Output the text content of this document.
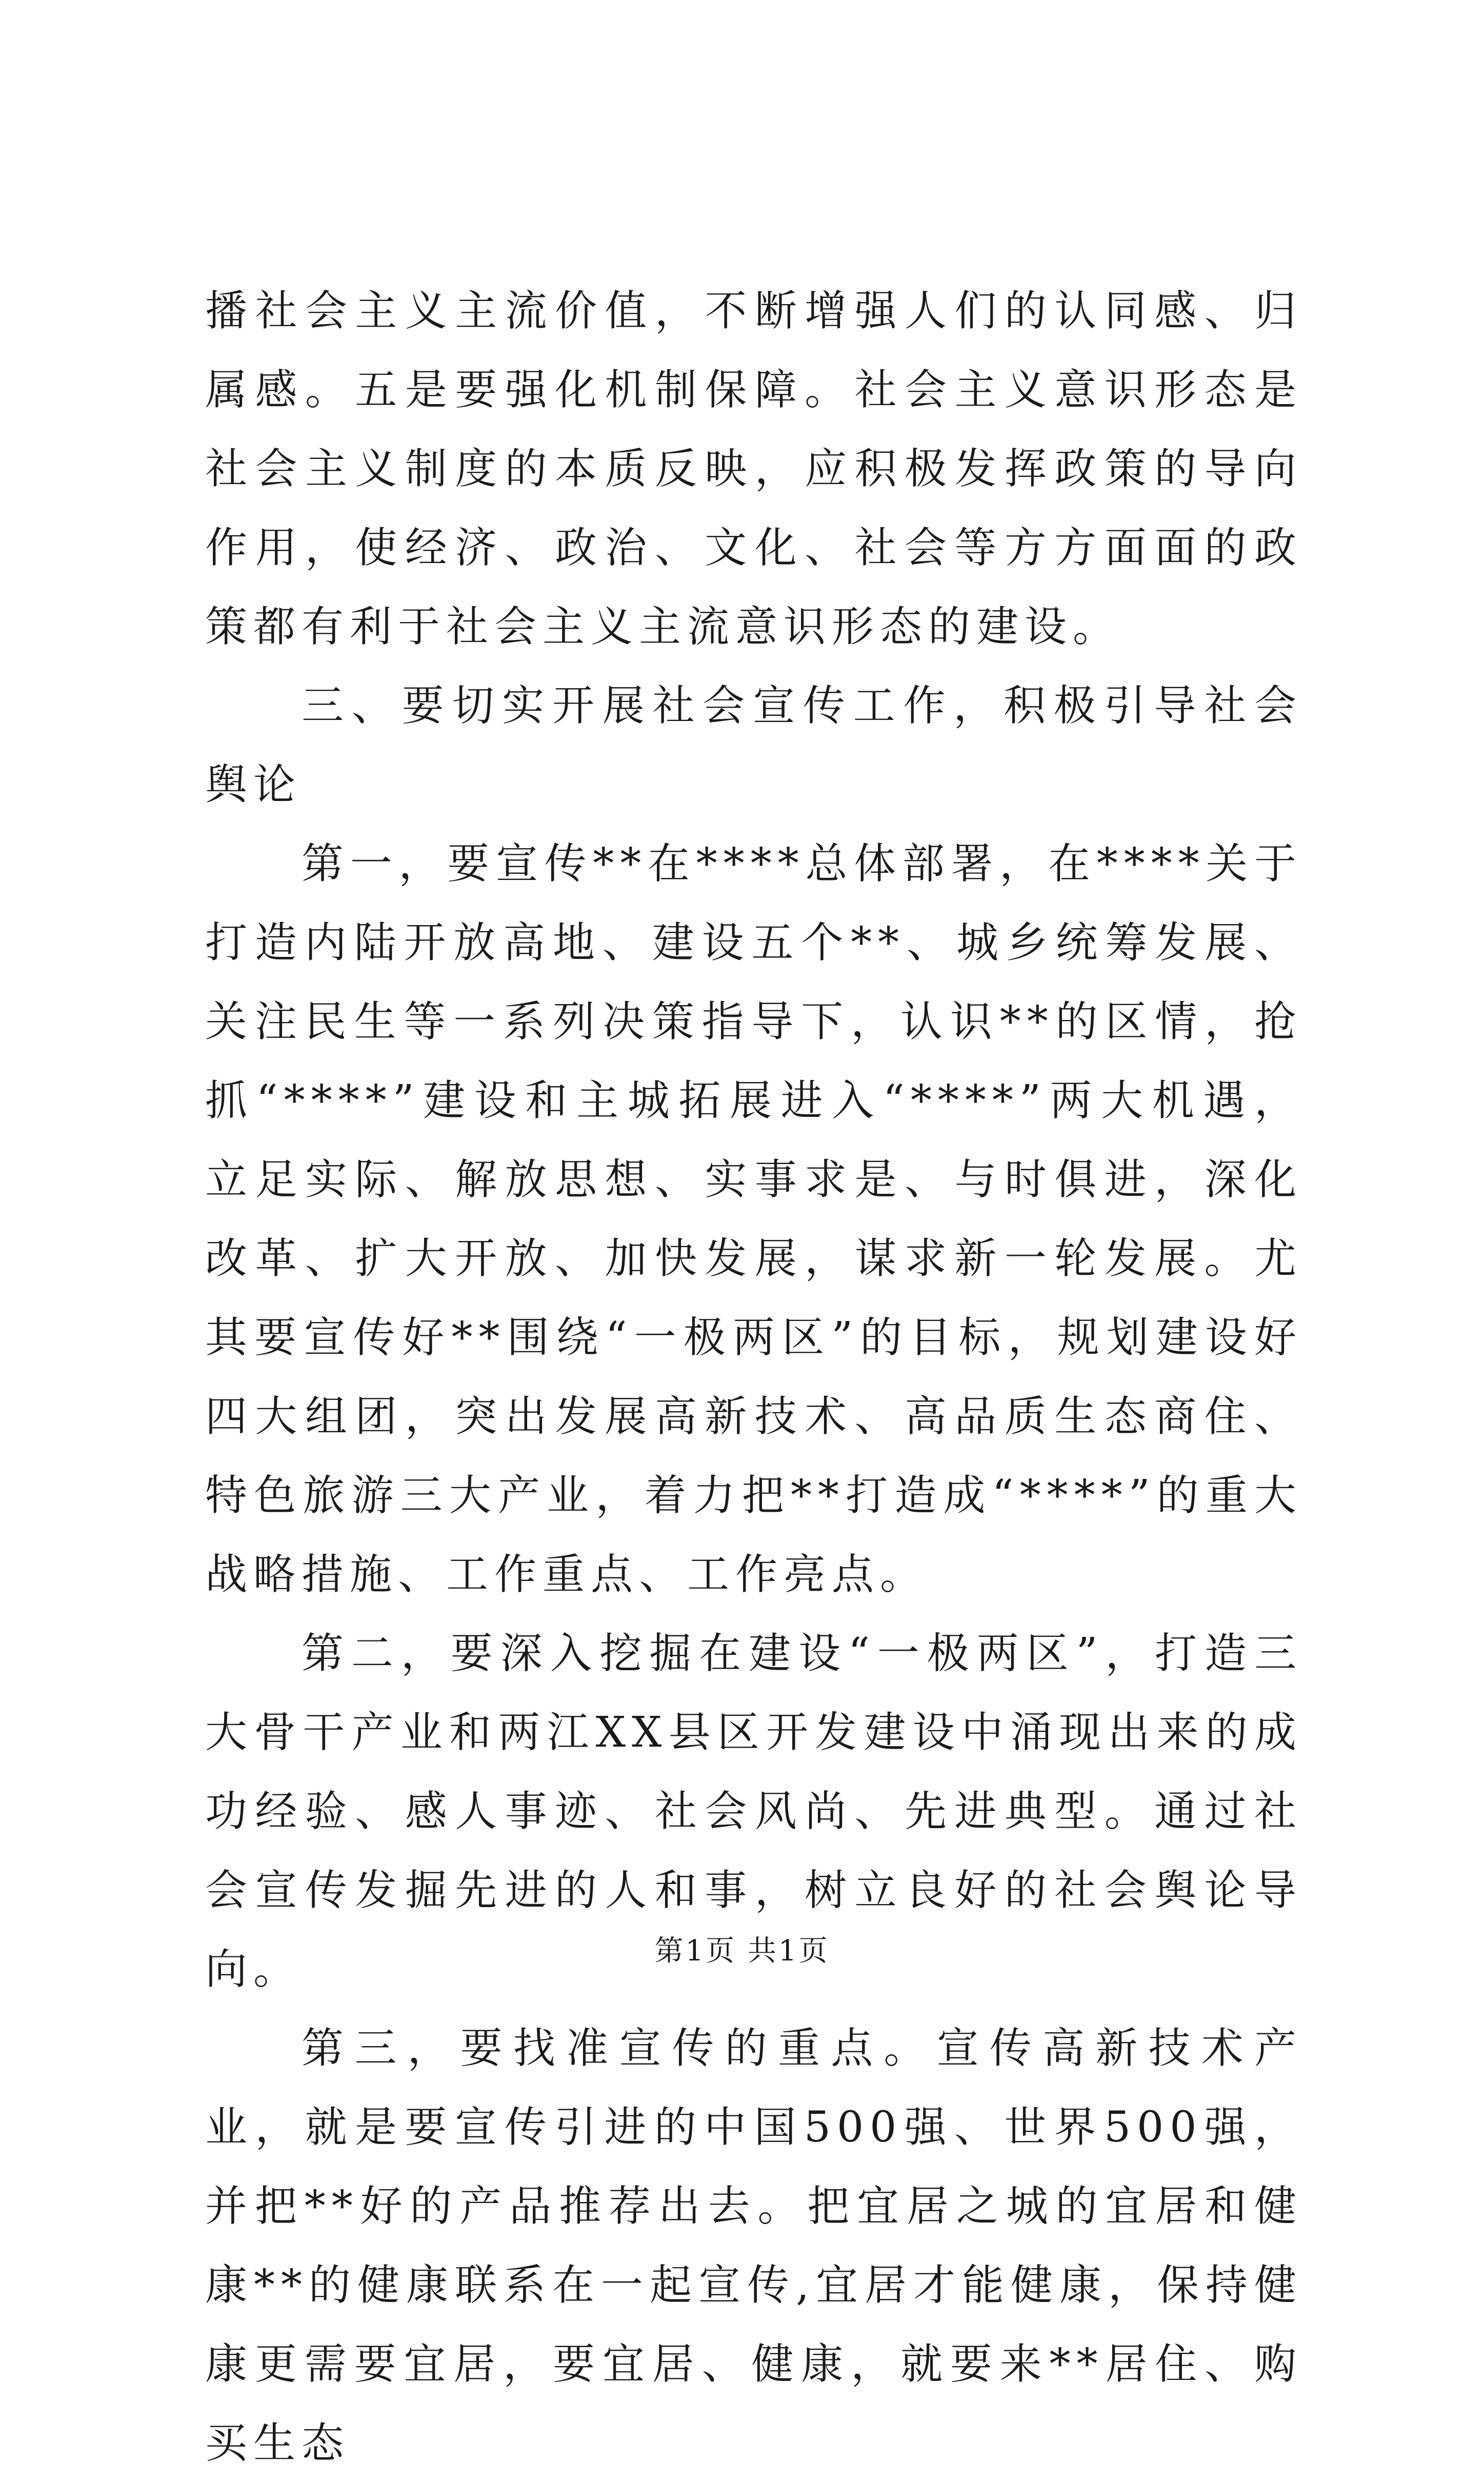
播社会主义主流价值，不断增强人们的认同感、归属感。五是要强化机制保障。社会主义意识形态是社会主义制度的本质反映，应积极发挥政策的导向作用，使经济、政治、文化、社会等方方面面的政策都有利于社会主义主流意识形态的建设。

三、要切实开展社会宣传工作，积极引导社会舆论

第一，要宣传**在****总体部署，在****关于打造内陆开放高地、建设五个**、城乡统筹发展、关注民生等一系列决策指导下，认识**的区情，抢抓“****”建设和主城拓展进入“****”两大机遇，立足实际、解放思想、实事求是、与时俱进，深化改革、扩大开放、加快发展，谋求新一轮发展。尤其要宣传好**围绕“一极两区”的目标，规划建设好四大组团，突出发展高新技术、高品质生态商住、特色旅游三大产业，着力把**打造成“****”的重大战略措施、工作重点、工作亮点。

第二，要深入挖掘在建设“一极两区”，打造三大骨干产业和两江XX县区开发建设中涌现出来的成功经验、感人事迹、社会风尚、先进典型。通过社会宣传发掘先进的人和事，树立良好的社会舆论导向。

第三，要找准宣传的重点。宣传高新技术产业，就是要宣传引进的中国500强、世界500强，并把**好的产品推荐出去。把宜居之城的宜居和健康**的健康联系在一起宣传,宜居才能健康，保持健康更需要宜居，要宜居、健康，就要来**居住、购买生态

第1页 共1页
